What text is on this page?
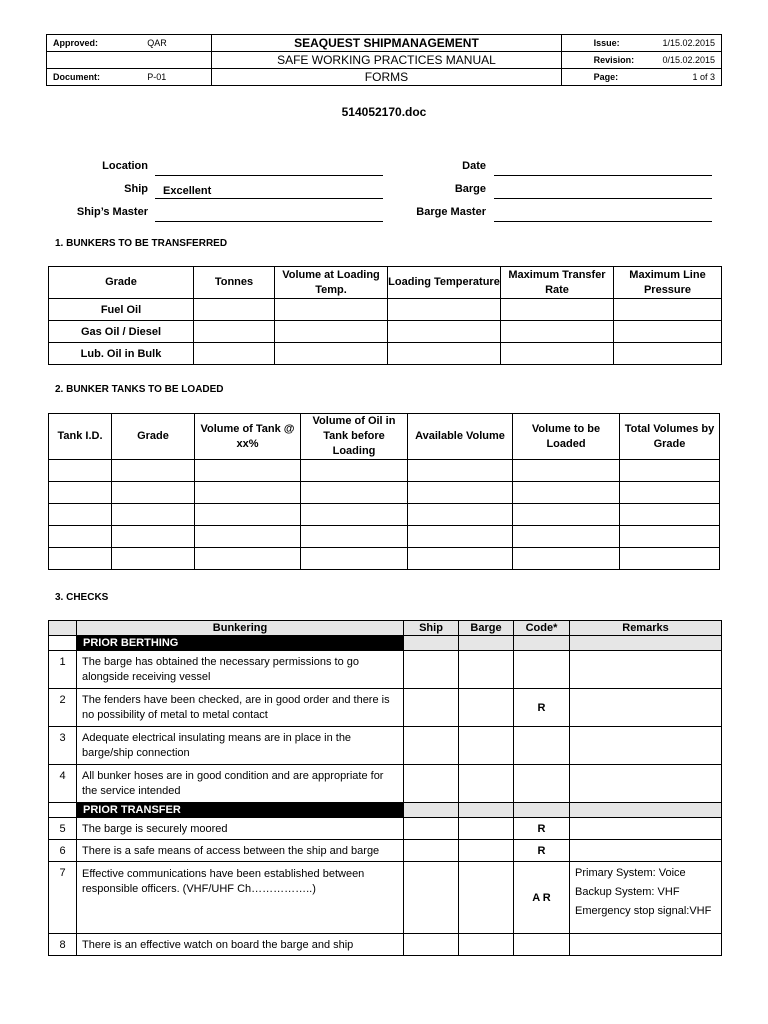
Approved:	QAR	SEAQUEST SHIPMANAGEMENT	Issue:	1/15.02.2015
		SAFE WORKING PRACTICES MANUAL	Revision:	0/15.02.2015
Document:	P-01	FORMS	Page:	1 of 3
514052170.doc
Location
Ship Excellent
Ship’s Master
Date
Barge
Barge Master
1. BUNKERS TO BE TRANSFERRED
Grade	Tonnes	Volume at Loading Temp.	Loading Temperature	Maximum Transfer Rate	Maximum Line Pressure
Fuel Oil					
Gas Oil / Diesel					
Lub. Oil in Bulk					
2. BUNKER TANKS TO BE LOADED
Tank I.D.	Grade	Volume of Tank @ xx%	Volume of Oil in Tank before Loading	Available Volume	Volume to be Loaded	Total Volumes by Grade

3. CHECKS
	Bunkering	Ship	Barge	Code*	Remarks
	PRIOR BERTHING				
1	The barge has obtained the necessary permissions to go alongside receiving vessel				
2	The fenders have been checked, are in good order and there is no possibility of metal to metal contact			R	
3	Adequate electrical insulating means are in place in the barge/ship connection				
4	All bunker hoses are in good condition and are appropriate for the service intended				
	PRIOR TRANSFER				
5	The barge is securely moored			R	
6	There is a safe means of access between the ship and barge			R	
7	Effective communications have been established between responsible officers. (VHF/UHF Ch……………..)			A R	Primary System: Voice
Backup System: VHF
Emergency stop signal:VHF

8	There is an effective watch on board the barge and ship				
